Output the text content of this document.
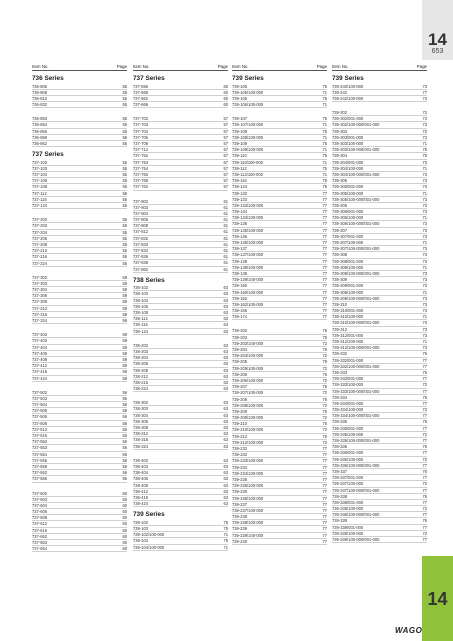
14
653
Item No.	Page
736 Series
736-806	55
736-808	55
736-812	55
736-832	55
736-853	55
736-854	55
736-856	55
736-858	55
736-862	55
737 Series
737-102	55
737-103	55
737-104	55
737-106	55
737-108	55
737-112	55
737-116	55
737-124	55
737-202	55
737-203	55
737-204	55
737-206	55
737-208	55
737-212	55
737-216	55
737-224	55
737-302	59
737-303	59
737-304	59
737-306	59
737-308	59
737-312	59
737-316	68
737-324	59
737-402	59
737-403	59
737-404	59
737-406	59
737-408	59
737-412	59
737-416	59
737-424	59
737-502	56
737-503	56
737-504	56
737-505	68
737-506	56
737-508	56
737-512	56
737-516	56
737-552	56
737-553	56
737-554	56
737-556	56
737-558	56
737-562	56
737-566	56
737-602	60
737-603	60
737-604	60
737-606	60
737-608	60
737-612	60
737-616	60
737-652	60
737-653	60
737-654	60
Item No.	Page
737 Series
737-656	60
737-658	60
737-662	60
737-666	60
737-702	57
737-703	57
737-704	57
737-706	57
737-708	57
737-712	57
737-752	57
737-753	57
737-754	57
737-756	57
737-758	57
737-762	57
737-802	61
737-803	61
737-804	61
737-806	61
737-808	61
737-812	61
737-832	61
737-833	61
737-834	61
737-836	61
737-838	61
737-862	61
738 Series
738-102	63
738-103	63
738-104	63
738-106	63
738-108	63
738-112	63
738-116	63
738-124	63
738-202	63
738-203	63
738-204	63
738-206	63
738-208	63
738-212	63
738-216	63
738-224	63
738-302	63
738-303	63
738-304	63
738-306	63
738-308	63
738-312	63
738-316	63
738-324	63
738-402	63
738-403	63
738-404	63
738-406	63
738-408	63
738-412	63
738-416	63
738-424	63
739 Series
739-102	75
739-103	75
739-102/100-000	71
739-104	75
739-104/100-000	71
Item No.	Page
739 Series
739-105	75
739-105/100-000	71
739-106	75
739-106/100-000	71
739-107	75
739-107/100-000	71
739-108	75
739-108/100-000	71
739-109	75
739-109/100-000	71
739-110	75
739-110/100-000	71
739-112	75
739-112/100-000	71
739-116	75
739-124	75
739-132	77
739-133	77
739-133/100-000	77
739-134	77
739-134/100-000	77
739-135	77
739-135/100-000	77
739-136	77
739-136/100-000	77
739-137	77
739-137/100-000	77
739-138	77
739-138/100-000	77
739-139	77
739-139/100-000	77
739-160	77
739-160/100-000	77
739-162	77
739-162/100-000	77
739-166	77
739-174	77
739-202	76
739-203	76
739-203/100-000	72
739-204	76
739-204/100-000	72
739-205	76
739-205/100-000	72
739-206	76
739-206/100-000	72
739-207	76
739-207/100-000	72
739-208	76
739-208/100-000	72
739-209	76
739-209/100-000	72
739-210	76
739-210/100-000	72
739-212	76
739-212/100-000	72
739-232	77
739-233	77
739-233/100-000	77
739-234	77
739-234/100-000	77
739-235	77
739-235/100-000	77
739-236	77
739-236/100-000	77
739-237	77
739-237/100-000	77
739-238	77
739-238/100-000	77
739-239	77
739-239/100-000	77
739-240	77
Item No.	Page
739 Series
739-240/100-000	73
739-242	77
739-242/100-000	73
739-302	72
739-302/001-000	73
739-302/100-000/001-000	73
739-303	72
739-303/001-000	73
739-303/100-000	71
739-303/100-000/001-000	75
739-304	75
739-304/001-000	73
739-304/100-000	71
739-304/100-000/001-000	73
739-305	73
739-305/001-000	73
739-305/100-000	71
739-305/100-000/001-000	73
739-306	73
739-306/001-000	73
739-306/100-000	71
739-306/100-000/001-000	73
739-307	73
739-307/001-000	73
739-307/100-000	71
739-307/100-000/001-000	73
739-308	73
739-308/001-000	73
739-308/100-000	71
739-308/100-000/001-000	73
739-309	73
739-309/001-000	73
739-309/100-000	71
739-309/100-000/001-000	73
739-310	73
739-310/001-000	73
739-310/100-000	71
739-310/100-000/001-000	73
739-312	73
739-312/001-000	73
739-312/100-000	71
739-312/100-000/001-000	73
739-332	76
739-332/001-000	77
739-332/100-000/001-000	77
739-333	76
739-333/001-000	77
739-333/100-000	72
739-333/100-000/001-000	77
739-334	76
739-334/001-000	77
739-334/100-000	72
739-334/100-000/001-000	77
739-335	76
739-335/001-000	77
739-335/100-000	72
739-335/100-000/001-000	77
739-336	76
739-336/001-000	77
739-336/100-000	72
739-336/100-000/001-000	77
739-337	76
739-337/001-000	77
739-337/100-000	72
739-337/100-000/001-000	77
739-338	76
739-338/001-000	77
739-338/100-000	72
739-338/100-000/001-000	77
739-339	76
739-339/001-000	77
739-339/100-000	72
739-339/100-000/001-000	77
14
WAGO
